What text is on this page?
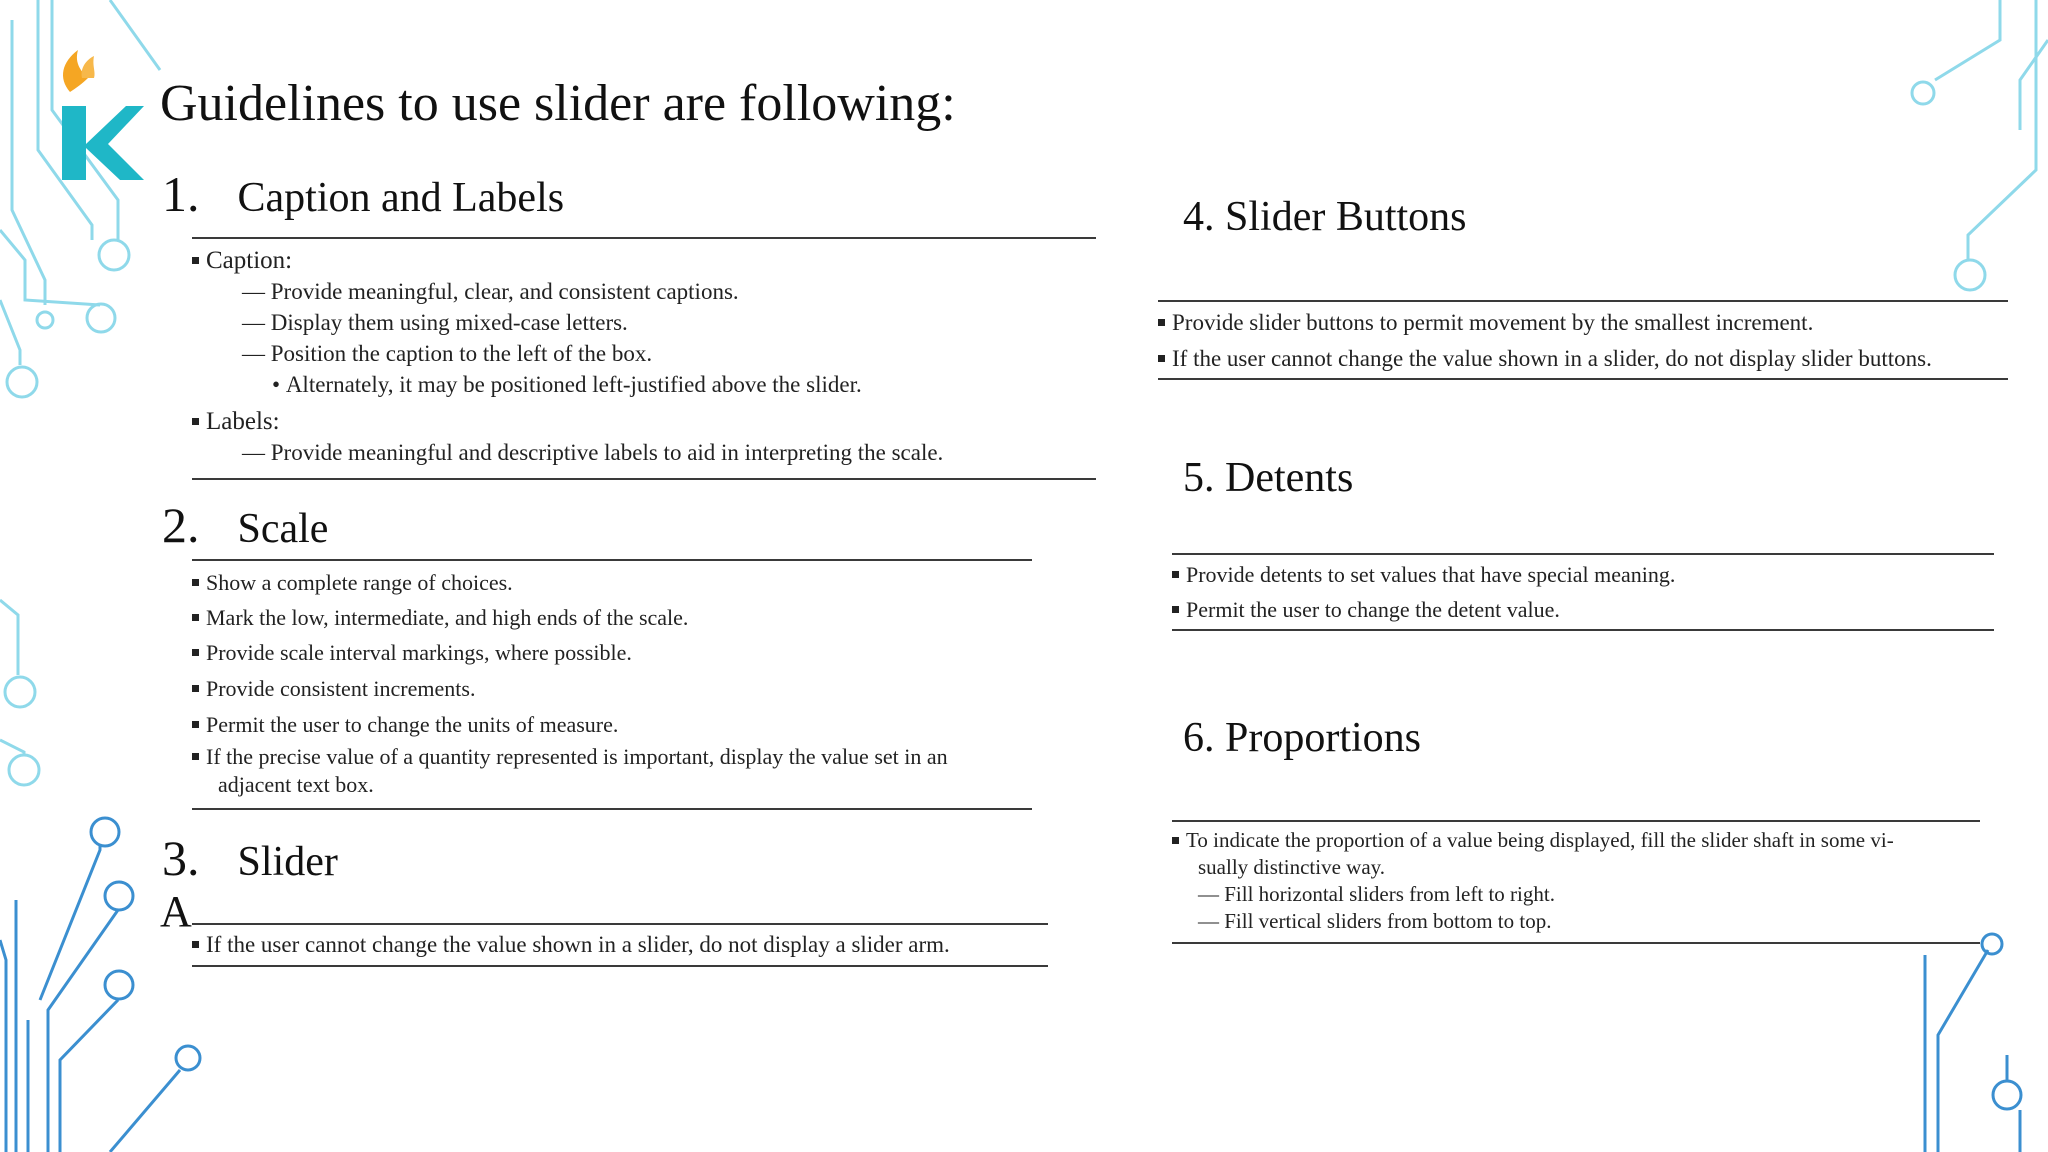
Guidelines to use slider are following:
1. Caption and Labels
Caption:
— Provide meaningful, clear, and consistent captions.
— Display them using mixed-case letters.
— Position the caption to the left of the box.
• Alternately, it may be positioned left-justified above the slider.
Labels:
— Provide meaningful and descriptive labels to aid in interpreting the scale.
2. Scale
Show a complete range of choices.
Mark the low, intermediate, and high ends of the scale.
Provide scale interval markings, where possible.
Provide consistent increments.
Permit the user to change the units of measure.
If the precise value of a quantity represented is important, display the value set in an
adjacent text box.
3. Slider
A
If the user cannot change the value shown in a slider, do not display a slider arm.
4. Slider Buttons
Provide slider buttons to permit movement by the smallest increment.
If the user cannot change the value shown in a slider, do not display slider buttons.
5. Detents
Provide detents to set values that have special meaning.
Permit the user to change the detent value.
6. Proportions
To indicate the proportion of a value being displayed, fill the slider shaft in some vi-
sually distinctive way.
— Fill horizontal sliders from left to right.
— Fill vertical sliders from bottom to top.
